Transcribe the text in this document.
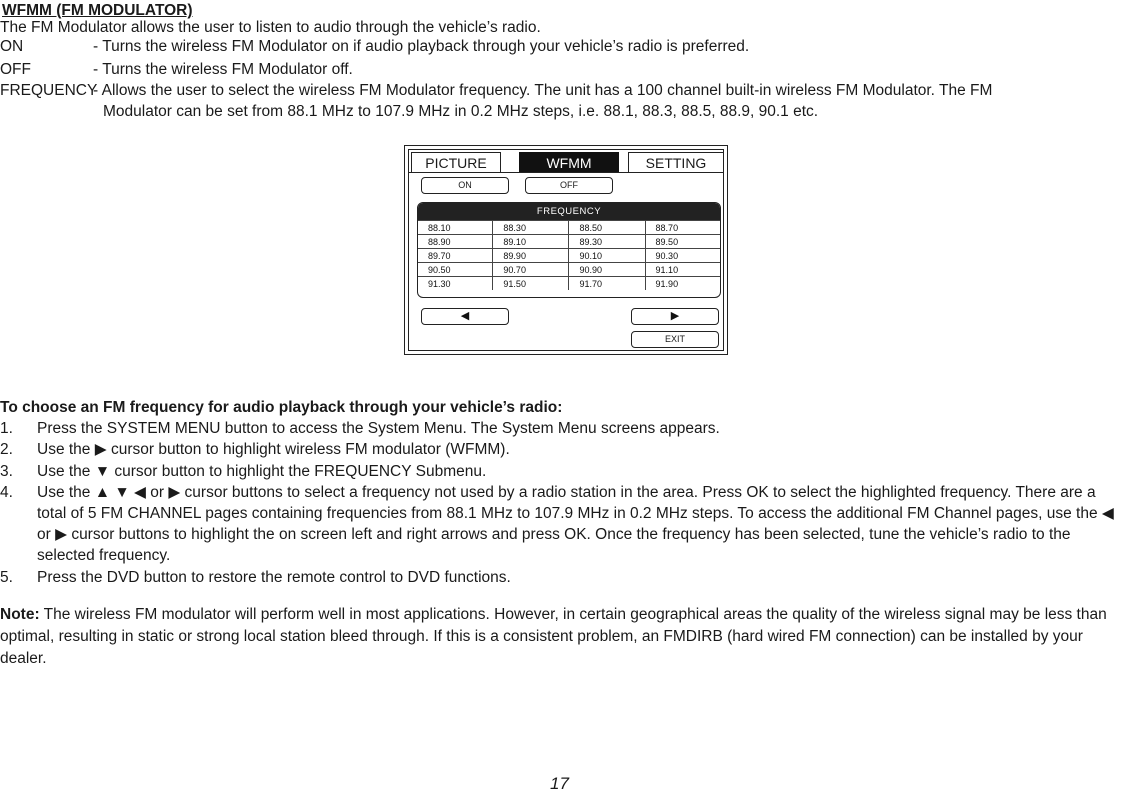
WFMM (FM MODULATOR)
The FM Modulator allows the user to listen to audio through the vehicle’s radio.
ON	- Turns the wireless FM Modulator on if audio playback through your vehicle’s radio is preferred.
OFF	- Turns the wireless FM Modulator off.
FREQUENCY
- Allows the user to select the wireless FM Modulator frequency. The unit has a 100 channel built-in wireless FM Modulator. The FM
Modulator can be set from 88.1 MHz to 107.9 MHz in 0.2 MHz steps, i.e. 88.1, 88.3, 88.5, 88.9, 90.1 etc.
PICTURE	WFMM	SETTING
ON	OFF
FREQUENCY
88.10	88.30	88.50	88.70
88.90	89.10	89.30	89.50
89.70	89.90	90.10	90.30
90.50	90.70	90.90	91.10
91.30	91.50	91.70	91.90
◀	▶
EXIT
To choose an FM frequency for audio playback through your vehicle’s radio:
1. Press the SYSTEM MENU button to access the System Menu. The System Menu screens appears.
2. Use the ▶ cursor button to highlight wireless FM modulator (WFMM).
3. Use the ▼ cursor button to highlight the FREQUENCY Submenu.
4. Use the ▲ ▼ ◀ or ▶ cursor buttons to select a frequency not used by a radio station in the area. Press OK to select the highlighted frequency. There are a total of 5 FM CHANNEL pages containing frequencies from 88.1 MHz to 107.9 MHz in 0.2 MHz steps. To access the additional FM Channel pages, use the ◀ or ▶ cursor buttons to highlight the on screen left and right arrows and press OK. Once the frequency has been selected, tune the vehicle’s radio to the selected frequency.
5. Press the DVD button to restore the remote control to DVD functions.
Note: The wireless FM modulator will perform well in most applications. However, in certain geographical areas the quality of the wireless signal may be less than optimal, resulting in static or strong local station bleed through. If this is a consistent problem, an FMDIRB (hard wired FM connection) can be installed by your dealer.
17
